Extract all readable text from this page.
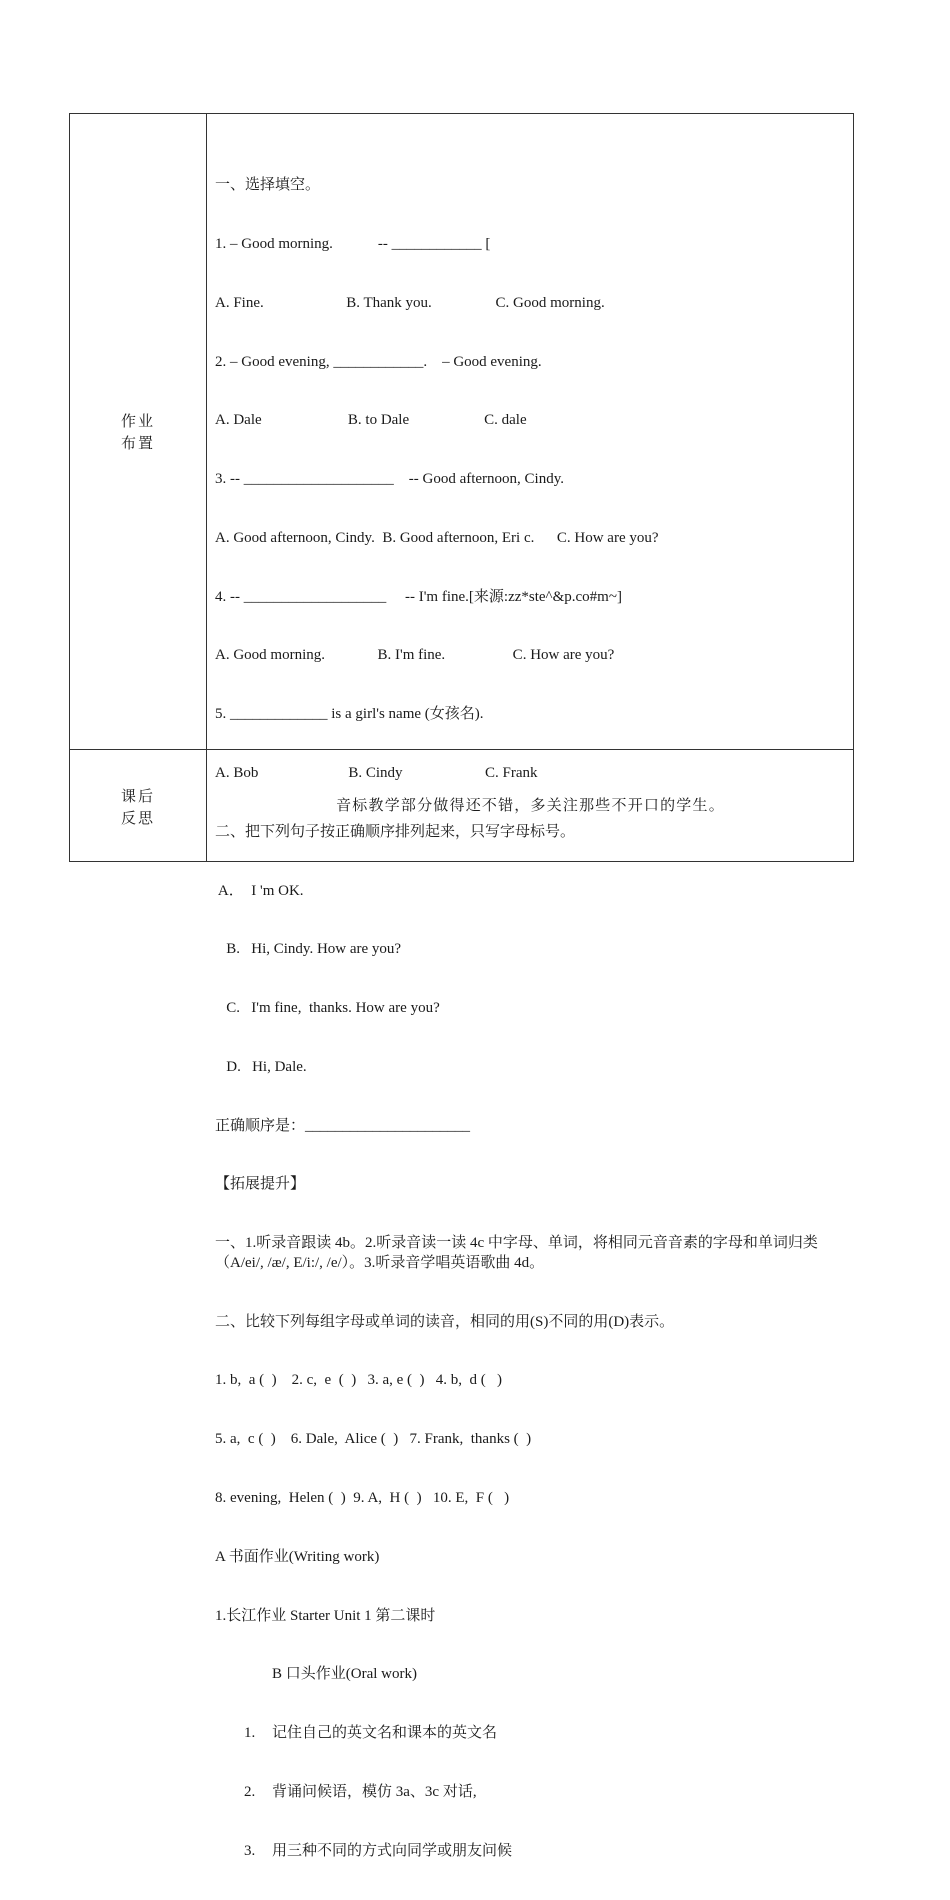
作业
布置

一、选择填空。

1. – Good morning.            -- ____________ [

A. Fine.                      B. Thank you.                 C. Good morning.

2. – Good evening, ____________.    – Good evening.

A. Dale                       B. to Dale                    C. dale

3. -- ____________________    -- Good afternoon, Cindy.

A. Good afternoon, Cindy.  B. Good afternoon, Eri c.      C. How are you?

4. -- ___________________     -- I'm fine.[来源:zz*ste^&p.co#m~]

A. Good morning.              B. I'm fine.                  C. How are you?

5. _____________ is a girl's name (女孩名).

A. Bob                        B. Cindy                      C. Frank

二、把下列句子按正确顺序排列起来，只写字母标号。

A．  I 'm OK.

B.   Hi, Cindy. How are you?

C.   I'm fine,  thanks. How are you?

D.   Hi, Dale.

正确顺序是：______________________

【拓展提升】

一、1.听录音跟读 4b。2.听录音读一读 4c 中字母、单词，将相同元音音素的字母和单词归类（A/ei/, /æ/, E/i:/, /e/）。3.听录音学唱英语歌曲 4d。

二、比较下列每组字母或单词的读音，相同的用(S)不同的用(D)表示。

1. b,  a (  )    2. c,  e  (  )   3. a, e (  )   4. b,  d (   )

5. a,  c (  )    6. Dale,  Alice (  )   7. Frank,  thanks (  )

8. evening,  Helen (  )  9. A,  H (  )   10. E,  F (   )

A 书面作业(Writing work)

1.长江作业 Starter Unit 1 第二课时

B 口头作业(Oral work)

1. 记住自己的英文名和课本的英文名

2. 背诵问候语，模仿 3a、3c 对话,

3. 用三种不同的方式向同学或朋友问候

课后
反思
音标教学部分做得还不错，多关注那些不开口的学生。
